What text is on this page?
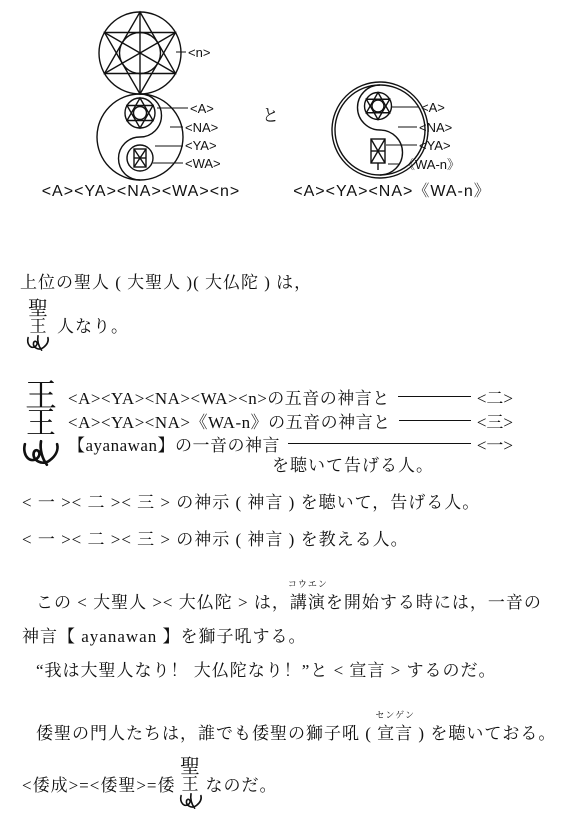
<n>
<A>
<NA>
<YA>
<WA>
<A><YA><NA><WA><n>
と	<A>
<NA>
<YA>
《WA-n》
<A><YA><NA>《WA-n》
上位の聖人 ( 大聖人 )( 大仏陀 ) は，
聖
王 人なり。
王
王
<A><YA><NA><WA><n>の五音の神言と	<二>
<A><YA><NA>《WA-n》の五音の神言と	<三>
【ayanawan】の一音の神言	<一>
を聴いて告げる人。
< 一 >< 二 >< 三 > の神示 ( 神言 ) を聴いて，告げる人。
< 一 >< 二 >< 三 > の神示 ( 神言 ) を教える人。
この < 大聖人 >< 大仏陀 > は，講演
コウエン
を開始する時には，一音の
神言【 ayanawan 】を獅子吼する。
“我は大聖人なり！ 大仏陀なり！”と < 宣言 > するのだ。
倭聖の門人たちは，誰でも倭聖の獅子吼 ( 宣言
センゲン
) を聴いておる。
<倭成>=<倭聖>=倭
聖
王 なのだ。
